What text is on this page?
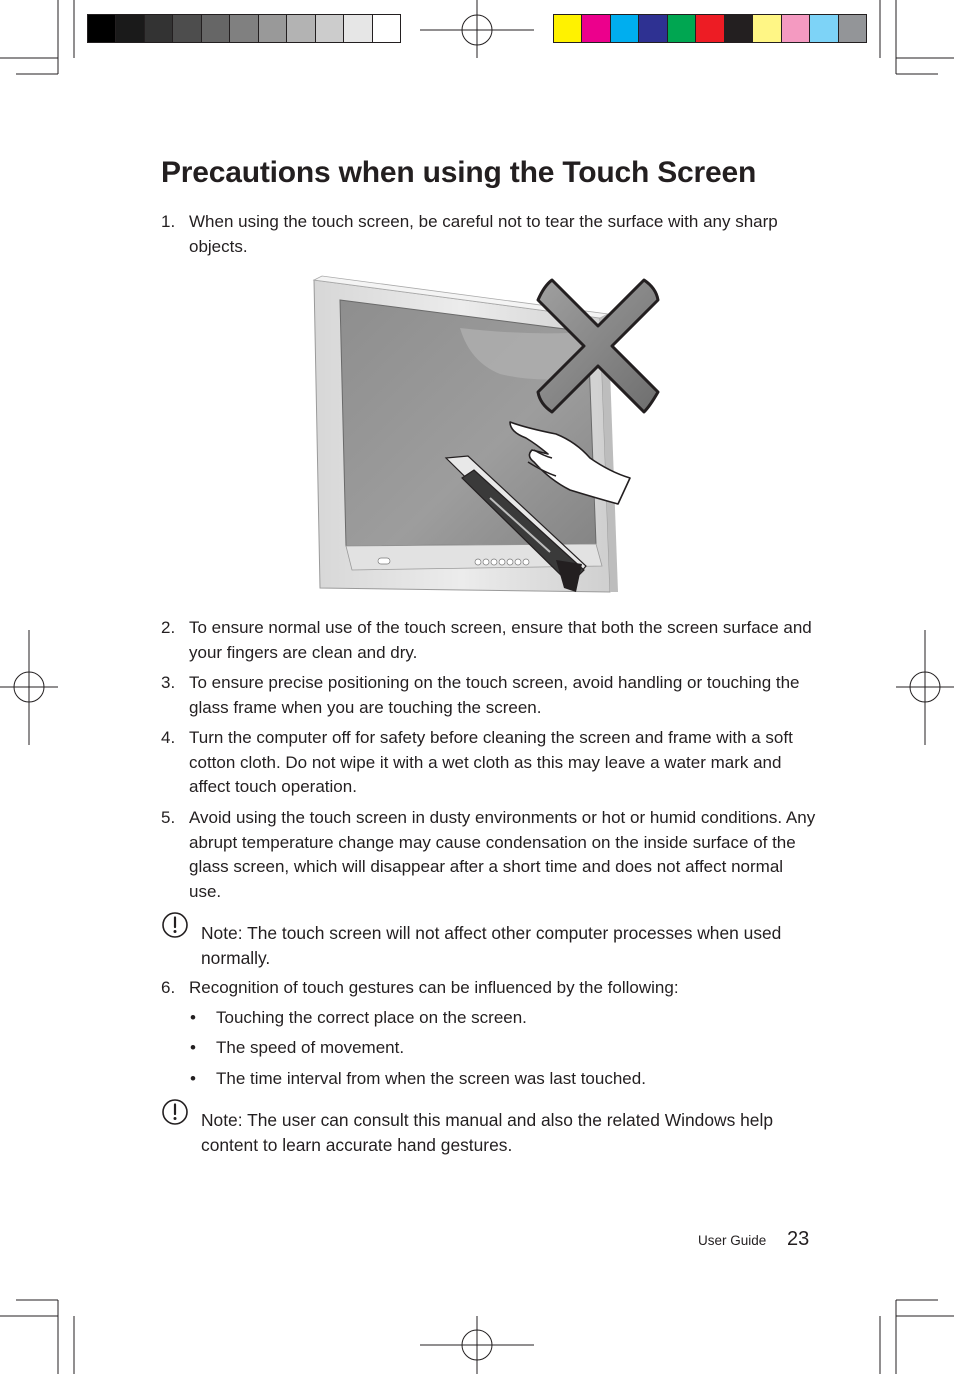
Precautions when using the Touch Screen
1. When using the touch screen, be careful not to tear the surface with any sharp objects.
2. To ensure normal use of the touch screen, ensure that both the screen surface and your fingers are clean and dry.
3. To ensure precise positioning on the touch screen, avoid handling or touching the glass frame when you are touching the screen.
4. Turn the computer off for safety before cleaning the screen and frame with a soft cotton cloth. Do not wipe it with a wet cloth as this may leave a water mark and affect touch operation.
5. Avoid using the touch screen in dusty environments or hot or humid conditions. Any abrupt temperature change may cause condensation on the inside surface of the glass screen, which will disappear after a short time and does not affect normal use.
Note: The touch screen will not affect other computer processes when used normally.
6. Recognition of touch gestures can be influenced by the following:
• Touching the correct place on the screen.
• The speed of movement.
• The time interval from when the screen was last touched.
Note: The user can consult this manual and also the related Windows help content to learn accurate hand gestures.
User Guide 23
